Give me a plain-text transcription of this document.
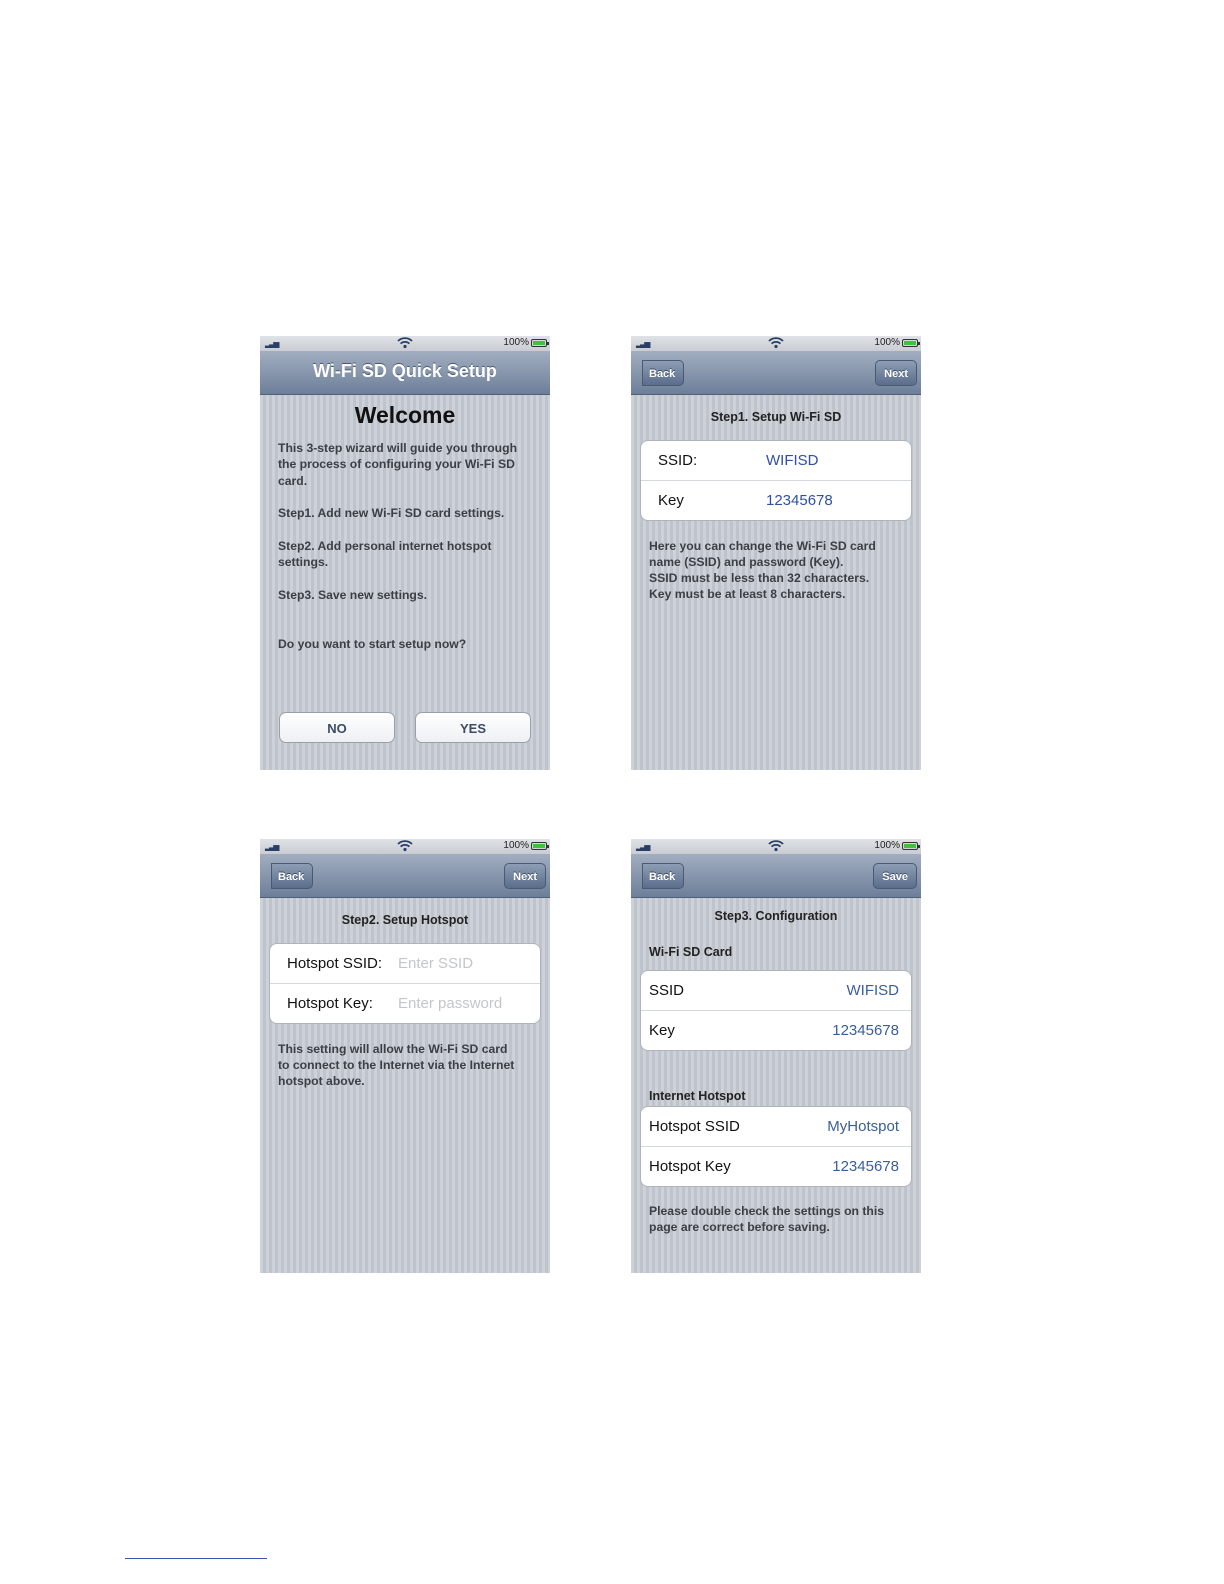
▂▃▅	100%
Wi-Fi SD Quick Setup
Welcome
This 3-step wizard will guide you through the process of configuring your Wi-Fi SD card.
Step1. Add new Wi-Fi SD card settings.
Step2. Add personal internet hotspot settings.
Step3. Save new settings.
Do you want to start setup now?
NO	YES
▂▃▅	100%
Back	Next
Step1. Setup Wi-Fi SD
SSID:	WIFISD
Key	12345678
Here you can change the Wi-Fi SD card
name (SSID) and password (Key).
SSID must be less than 32 characters.
Key must be at least 8 characters.
▂▃▅	100%
Back	Next
Step2. Setup Hotspot
Hotspot SSID: Enter SSID
Hotspot Key: Enter password
This setting will allow the Wi-Fi SD card
to connect to the Internet via the Internet
hotspot above.
▂▃▅	100%
Back	Save
Step3. Configuration
Wi-Fi SD Card
SSID	WIFISD
Key	12345678
Internet Hotspot
Hotspot SSID	MyHotspot
Hotspot Key	12345678
Please double check the settings on this
page are correct before saving.
